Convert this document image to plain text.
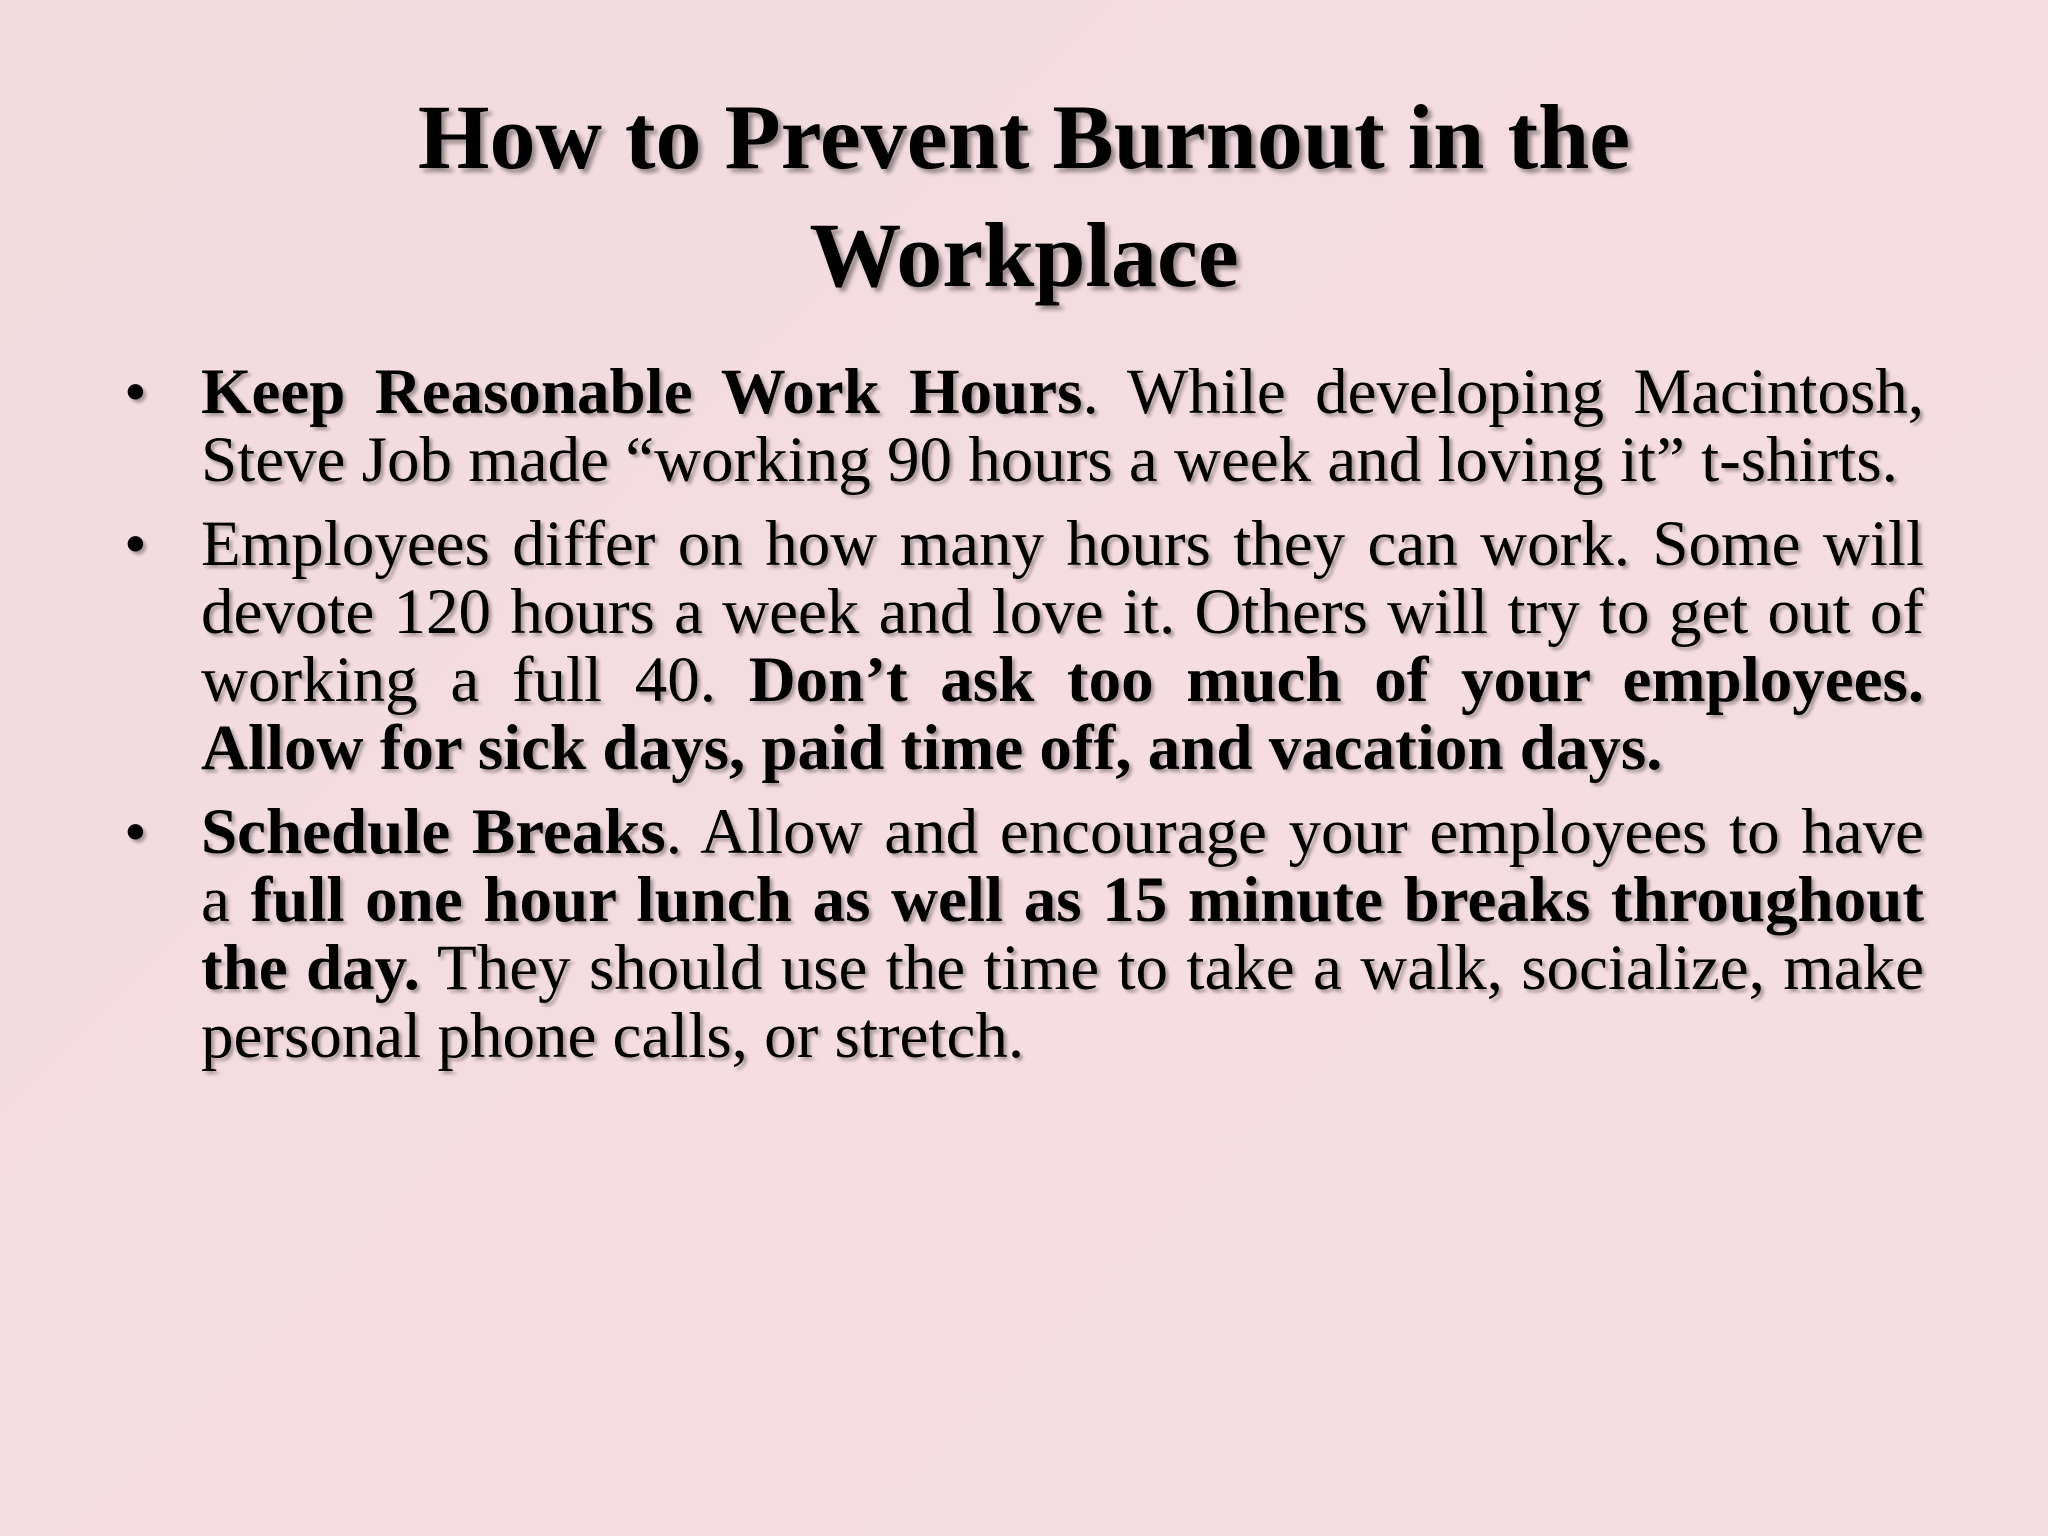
How to Prevent Burnout in the
Workplace
• Keep Reasonable Work Hours. While developing Macintosh, Steve Job made “working 90 hours a week and loving it” t-shirts.
• Employees differ on how many hours they can work. Some will devote 120 hours a week and love it. Others will try to get out of working a full 40. Don’t ask too much of your employees. Allow for sick days, paid time off, and vacation days.
• Schedule Breaks. Allow and encourage your employees to have a full one hour lunch as well as 15 minute breaks throughout the day. They should use the time to take a walk, socialize, make personal phone calls, or stretch.
